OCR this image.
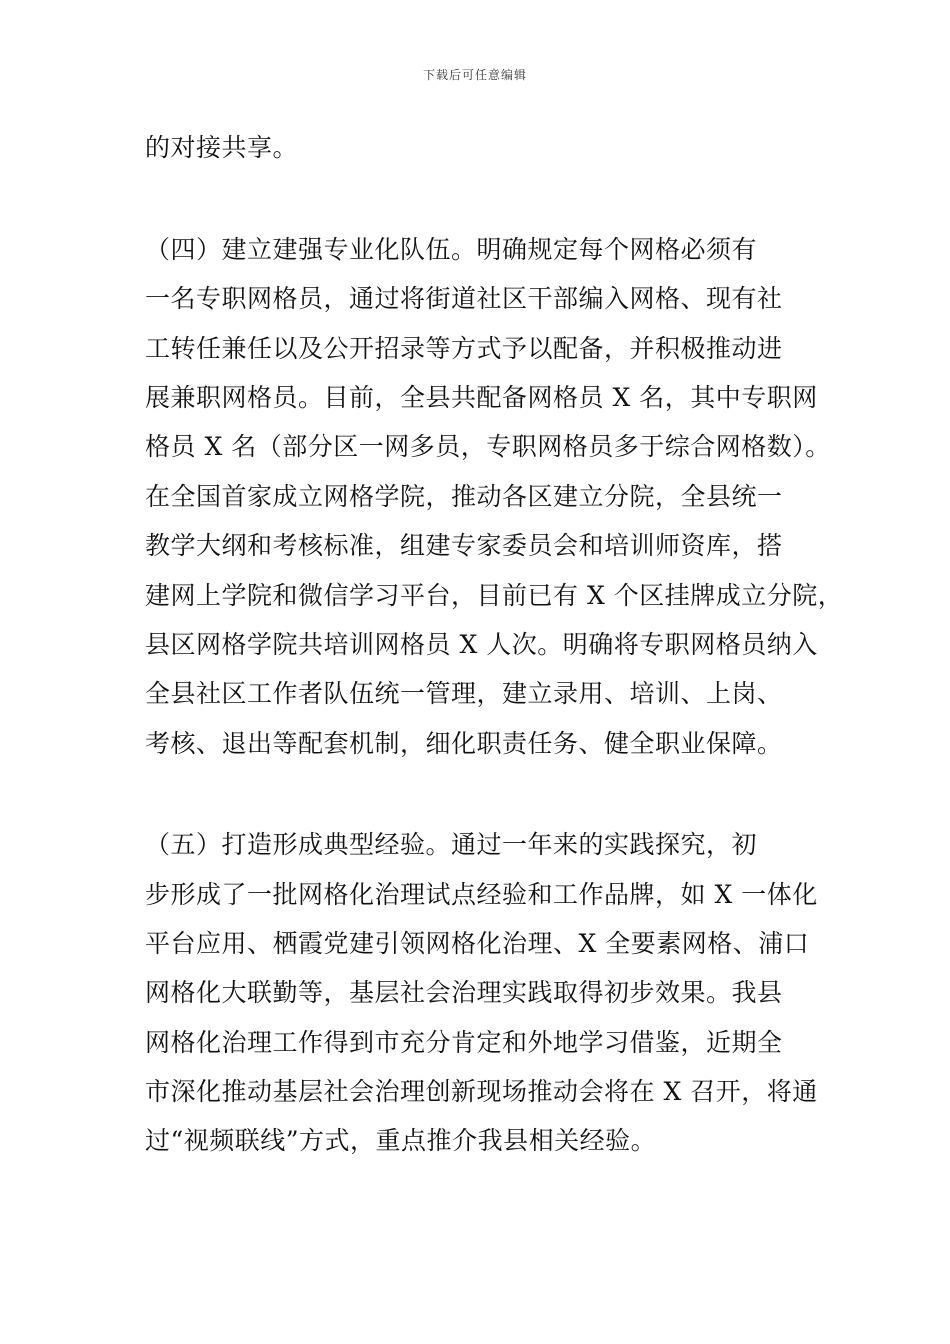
下载后可任意编辑
的对接共享。
（四）建立建强专业化队伍。明确规定每个网格必须有
一名专职网格员，通过将街道社区干部编入网格、现有社
工转任兼任以及公开招录等方式予以配备，并积极推动进
展兼职网格员。目前，全县共配备网格员 X 名，其中专职网
格员 X 名（部分区一网多员，专职网格员多于综合网格数）。
在全国首家成立网格学院，推动各区建立分院，全县统一
教学大纲和考核标准，组建专家委员会和培训师资库，搭
建网上学院和微信学习平台，目前已有 X 个区挂牌成立分院，
县区网格学院共培训网格员 X 人次。明确将专职网格员纳入
全县社区工作者队伍统一管理，建立录用、培训、上岗、
考核、退出等配套机制，细化职责任务、健全职业保障。
（五）打造形成典型经验。通过一年来的实践探究，初
步形成了一批网格化治理试点经验和工作品牌，如 X 一体化
平台应用、栖霞党建引领网格化治理、X 全要素网格、浦口
网格化大联勤等，基层社会治理实践取得初步效果。我县
网格化治理工作得到市充分肯定和外地学习借鉴，近期全
市深化推动基层社会治理创新现场推动会将在 X 召开，将通
过“视频联线”方式，重点推介我县相关经验。
